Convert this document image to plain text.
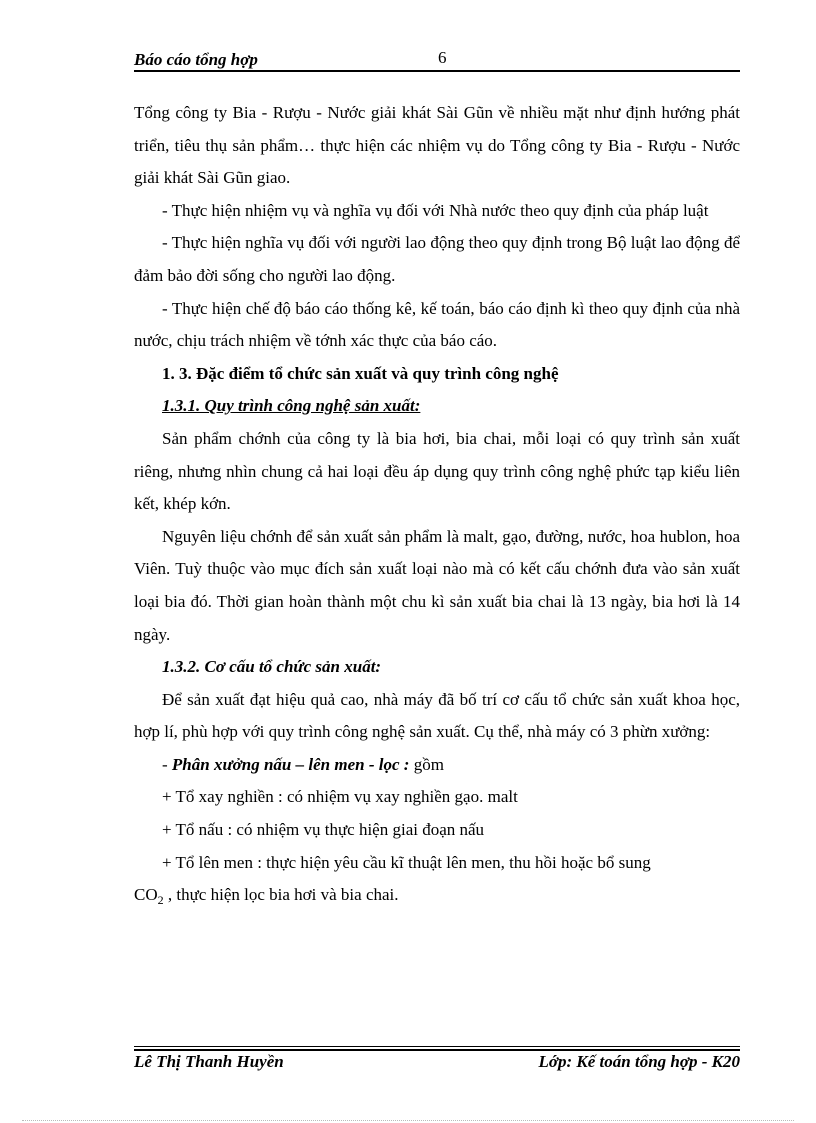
Báo cáo tổng hợp	6

Tổng công ty Bia - Rượu - Nước giải khát Sài Gũn về nhiều mặt như định hướng phát triển, tiêu thụ sản phẩm… thực hiện các nhiệm vụ do Tổng công ty Bia - Rượu - Nước giải khát Sài Gũn giao.

- Thực hiện nhiệm vụ và nghĩa vụ đối với Nhà nước theo quy định của pháp luật

- Thực hiện nghĩa vụ đối với người lao động theo quy định trong Bộ luật lao động để đảm bảo đời sống cho người lao động.

- Thực hiện chế độ báo cáo thống kê, kế toán, báo cáo định kì theo quy định của nhà nước, chịu trách nhiệm về tớnh xác thực của báo cáo.

1. 3. Đặc điểm tổ chức sản xuất và quy trình công nghệ

1.3.1. Quy trình công nghệ sản xuất:

Sản phẩm chớnh của công ty là bia hơi, bia chai, mỗi loại có quy trình sản xuất riêng, nhưng nhìn chung cả hai loại đều áp dụng quy trình công nghệ phức tạp kiểu liên kết, khép kớn.

Nguyên liệu chớnh để sản xuất sản phẩm là malt, gạo, đường, nước, hoa hublon, hoa Viên. Tuỳ thuộc vào mục đích sản xuất loại nào mà có kết cấu chớnh đưa vào sản xuất loại bia đó. Thời gian hoàn thành một chu kì sản xuất bia chai là 13 ngày, bia hơi là 14 ngày.

1.3.2. Cơ cấu tổ chức sản xuất:

Để sản xuất đạt hiệu quả cao, nhà máy đã bố trí cơ cấu tổ chức sản xuất khoa học, hợp lí, phù hợp với quy trình công nghệ sản xuất. Cụ thể, nhà máy có 3 phừn xưởng:

- Phân xưởng nấu – lên men - lọc : gồm

+ Tổ xay nghiền : có nhiệm vụ xay nghiền gạo. malt

+ Tổ nấu : có nhiệm vụ thực hiện giai đoạn nấu

+ Tổ lên men : thực hiện yêu cầu kĩ thuật lên men, thu hồi hoặc bổ sung

$CO_2$ , thực hiện lọc bia hơi và bia chai.

Lê Thị Thanh Huyền	Lớp: Kế toán tổng hợp - K20
